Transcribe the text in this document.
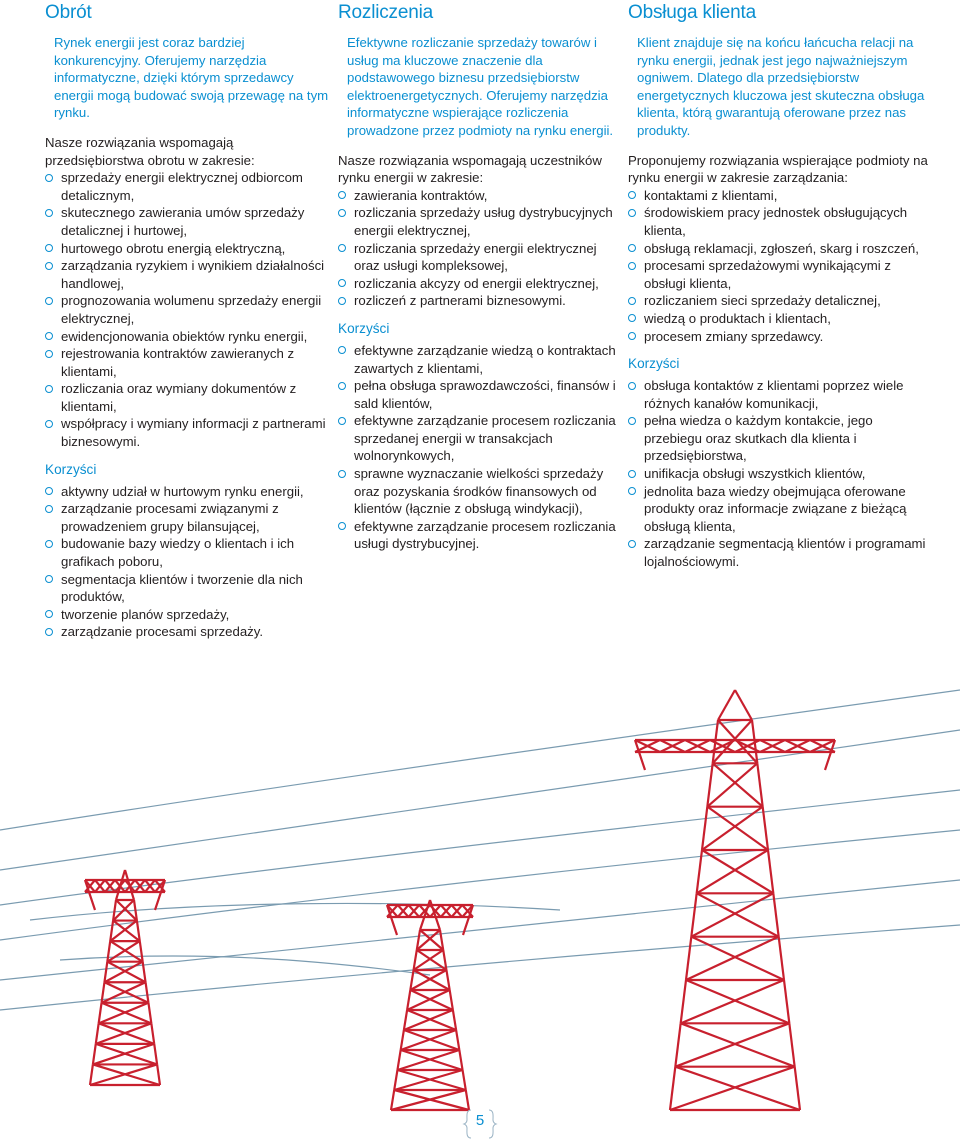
Obrót

Rynek energii jest coraz bardziej konkurencyjny. Oferujemy narzędzia informatyczne, dzięki którym sprzedawcy energii mogą budować swoją przewagę na tym rynku.

Nasze rozwiązania wspomagają przedsiębiorstwa obrotu w zakresie:

sprzedaży energii elektrycznej odbiorcom detalicznym,
skutecznego zawierania umów sprzedaży detalicznej i hurtowej,
hurtowego obrotu energią elektryczną,
zarządzania ryzykiem i wynikiem działalności handlowej,
prognozowania wolumenu sprzedaży energii elektrycznej,
ewidencjonowania obiektów rynku energii,
rejestrowania kontraktów zawieranych z klientami,
rozliczania oraz wymiany dokumentów z klientami,
współpracy i wymiany informacji z partnerami biznesowymi.
Korzyści
aktywny udział w hurtowym rynku energii,
zarządzanie procesami związanymi z prowadzeniem grupy bilansującej,
budowanie bazy wiedzy o klientach i ich grafikach poboru,
segmentacja klientów i tworzenie dla nich produktów,
tworzenie planów sprzedaży,
zarządzanie procesami sprzedaży.
Rozliczenia

Efektywne rozliczanie sprzedaży towarów i usług ma kluczowe znaczenie dla podstawowego biznesu przedsiębiorstw elektroenergetycznych. Oferujemy narzędzia informatyczne wspierające rozliczenia prowadzone przez podmioty na rynku energii.

Nasze rozwiązania wspomagają uczestników rynku energii w zakresie:

zawierania kontraktów,
rozliczania sprzedaży usług dystrybucyjnych energii elektrycznej,
rozliczania sprzedaży energii elektrycznej oraz usługi kompleksowej,
rozliczania akcyzy od energii elektrycznej,
rozliczeń z partnerami biznesowymi.
Korzyści
efektywne zarządzanie wiedzą o kontraktach zawartych z klientami,
pełna obsługa sprawozdawczości, finansów i sald klientów,
efektywne zarządzanie procesem rozliczania sprzedanej energii w transakcjach wolnorynkowych,
sprawne wyznaczanie wielkości sprzedaży oraz pozyskania środków finansowych od klientów (łącznie z obsługą windykacji),
efektywne zarządzanie procesem rozliczania usługi dystrybucyjnej.
Obsługa klienta

Klient znajduje się na końcu łańcucha relacji na rynku energii, jednak jest jego najważniejszym ogniwem. Dlatego dla przedsiębiorstw energetycznych kluczowa jest skuteczna obsługa klienta, którą gwarantują oferowane przez nas produkty.

Proponujemy rozwiązania wspierające podmioty na rynku energii w zakresie zarządzania:

kontaktami z klientami,
środowiskiem pracy jednostek obsługujących klienta,
obsługą reklamacji, zgłoszeń, skarg i roszczeń,
procesami sprzedażowymi wynikającymi z obsługi klienta,
rozliczaniem sieci sprzedaży detalicznej,
wiedzą o produktach i klientach,
procesem zmiany sprzedawcy.
Korzyści
obsługa kontaktów z klientami poprzez wiele różnych kanałów komunikacji,
pełna wiedza o każdym kontakcie, jego przebiegu oraz skutkach dla klienta i przedsiębiorstwa,
unifikacja obsługi wszystkich klientów,
jednolita baza wiedzy obejmująca oferowane produkty oraz informacje związane z bieżącą obsługą klienta,
zarządzanie segmentacją klientów i programami lojalnościowymi.
5
